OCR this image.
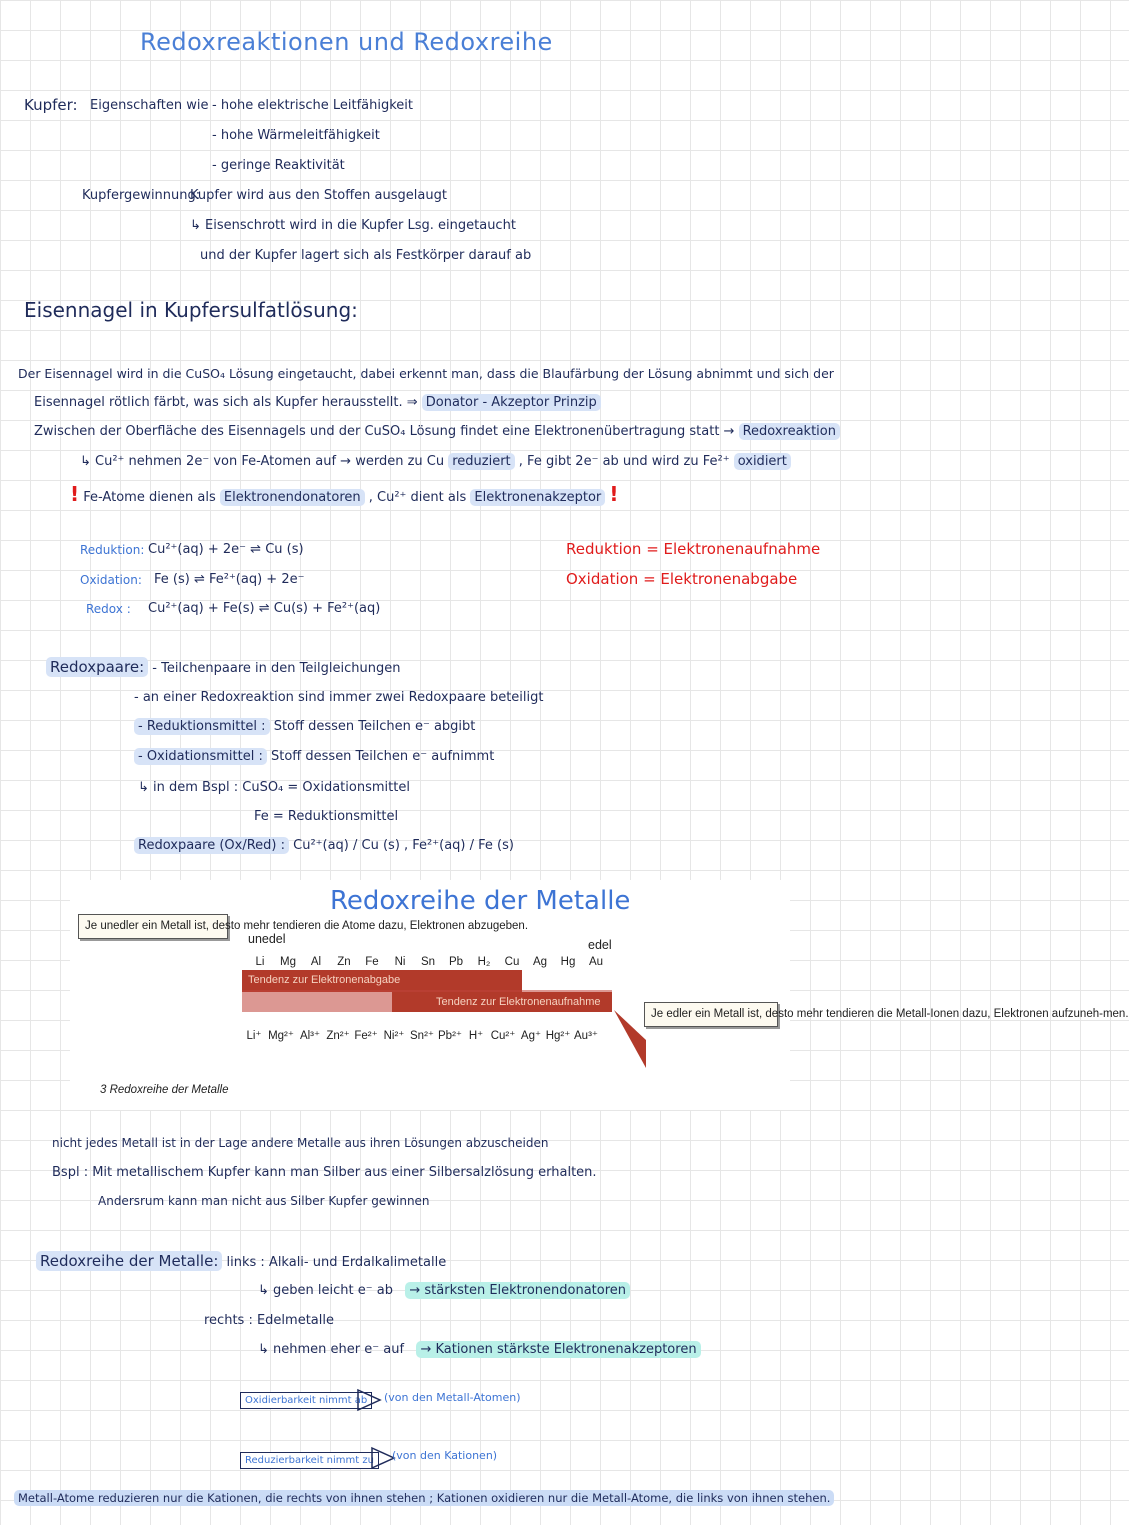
Redoxreaktionen und Redoxreihe
Kupfer: Eigenschaften wie - hohe elektrische Leitfähigkeit
- hohe Wärmeleitfähigkeit
- geringe Reaktivität
Kupfergewinnung:
Kupfer wird aus den Stoffen ausgelaugt
↳ Eisenschrott wird in die Kupfer Lsg. eingetaucht
und der Kupfer lagert sich als Festkörper darauf ab
Eisennagel in Kupfersulfatlösung:
Der Eisennagel wird in die CuSO₄ Lösung eingetaucht, dabei erkennt man, dass die Blaufärbung der Lösung abnimmt und sich der
Eisennagel rötlich färbt, was sich als Kupfer herausstellt. ⇒ Donator - Akzeptor Prinzip
Zwischen der Oberfläche des Eisennagels und der CuSO₄ Lösung findet eine Elektronenübertragung statt → Redoxreaktion
↳ Cu²⁺ nehmen 2e⁻ von Fe-Atomen auf → werden zu Cu reduziert , Fe gibt 2e⁻ ab und wird zu Fe²⁺ oxidiert
! Fe-Atome dienen als Elektronendonatoren , Cu²⁺ dient als Elektronenakzeptor !
Reduktion: Cu²⁺(aq) + 2e⁻ ⇌ Cu (s)
Oxidation: Fe (s) ⇌ Fe²⁺(aq) + 2e⁻
Redox : Cu²⁺(aq) + Fe(s) ⇌ Cu(s) + Fe²⁺(aq)
Reduktion = Elektronenaufnahme
Oxidation = Elektronenabgabe
Redoxpaare: - Teilchenpaare in den Teilgleichungen
- an einer Redoxreaktion sind immer zwei Redoxpaare beteiligt
- Reduktionsmittel : Stoff dessen Teilchen e⁻ abgibt
- Oxidationsmittel : Stoff dessen Teilchen e⁻ aufnimmt
↳ in dem Bspl : CuSO₄ = Oxidationsmittel
Fe = Reduktionsmittel
Redoxpaare (Ox/Red) : Cu²⁺(aq) / Cu (s) , Fe²⁺(aq) / Fe (s)
Redoxreihe der Metalle
Je unedler ein Metall ist, desto mehr tendieren die Atome dazu, Elektronen abzugeben.
unedel	edel
Li Mg Al Zn Fe Ni Sn Pb H₂ Cu Ag Hg Au
Tendenz zur Elektronenabgabe
Tendenz zur Elektronenaufnahme
Li⁺ Mg²⁺ Al³⁺ Zn²⁺ Fe²⁺ Ni²⁺ Sn²⁺ Pb²⁺ H⁺ Cu²⁺ Ag⁺ Hg²⁺ Au³⁺
Je edler ein Metall ist, desto mehr tendieren die Metall-Ionen dazu, Elektronen aufzuneh-men.
3 Redoxreihe der Metalle
nicht jedes Metall ist in der Lage andere Metalle aus ihren Lösungen abzuscheiden
Bspl : Mit metallischem Kupfer kann man Silber aus einer Silbersalzlösung erhalten.
Andersrum kann man nicht aus Silber Kupfer gewinnen
Redoxreihe der Metalle: links : Alkali- und Erdalkalimetalle
↳ geben leicht e⁻ ab → stärksten Elektronendonatoren
rechts : Edelmetalle
↳ nehmen eher e⁻ auf → Kationen stärkste Elektronenakzeptoren
Oxidierbarkeit nimmt ab	(von den Metall-Atomen)
Reduzierbarkeit nimmt zu	(von den Kationen)
Metall-Atome reduzieren nur die Kationen, die rechts von ihnen stehen ; Kationen oxidieren nur die Metall-Atome, die links von ihnen stehen.
